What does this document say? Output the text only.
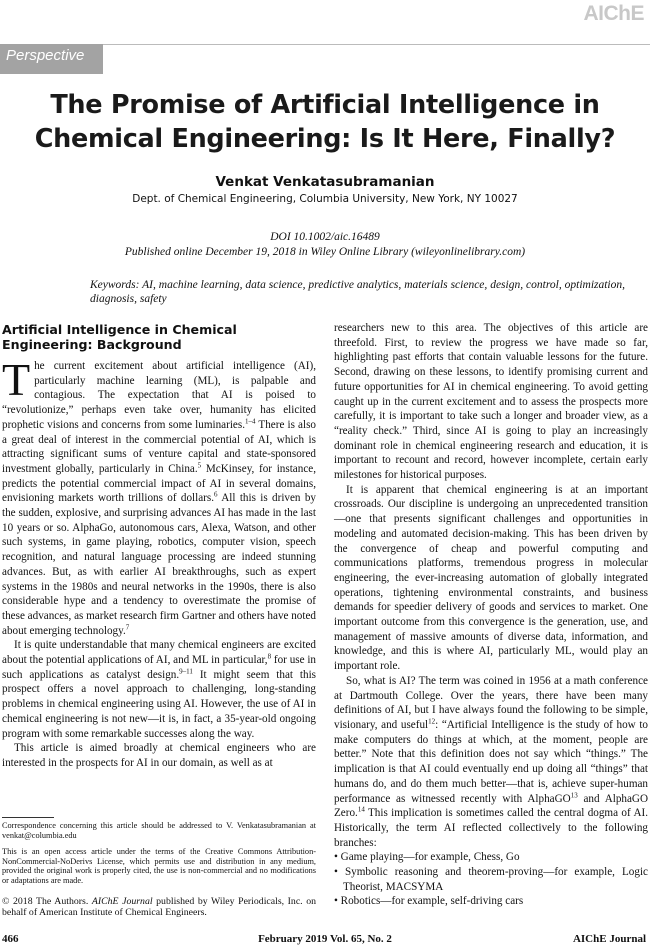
AIChE
Perspective
The Promise of Artificial Intelligence in
Chemical Engineering: Is It Here, Finally?
Venkat Venkatasubramanian
Dept. of Chemical Engineering, Columbia University, New York, NY 10027
DOI 10.1002/aic.16489
Published online December 19, 2018 in Wiley Online Library (wileyonlinelibrary.com)
Keywords: AI, machine learning, data science, predictive analytics, materials science, design, control, optimization, diagnosis, safety
Artificial Intelligence in Chemical Engineering: Background

The current excitement about artificial intelligence (AI), particularly machine learning (ML), is palpable and contagious. The expectation that AI is poised to “revolutionize,” perhaps even take over, humanity has elicited prophetic visions and concerns from some luminaries.$^{1-4}$ There is also a great deal of interest in the commercial potential of AI, which is attracting significant sums of venture capital and state-sponsored investment globally, particularly in China.$^5$ McKinsey, for instance, predicts the potential commercial impact of AI in several domains, envisioning markets worth trillions of dollars.$^6$ All this is driven by the sudden, explosive, and surprising advances AI has made in the last 10 years or so. AlphaGo, autonomous cars, Alexa, Watson, and other such systems, in game playing, robotics, computer vision, speech recognition, and natural language processing are indeed stunning advances. But, as with earlier AI breakthroughs, such as expert systems in the 1980s and neural networks in the 1990s, there is also considerable hype and a tendency to overestimate the promise of these advances, as market research firm Gartner and others have noted about emerging technology.$^7$

It is quite understandable that many chemical engineers are excited about the potential applications of AI, and ML in particular,$^8$ for use in such applications as catalyst design.$^{9-11}$ It might seem that this prospect offers a novel approach to challenging, long-standing problems in chemical engineering using AI. However, the use of AI in chemical engineering is not new—it is, in fact, a 35-year-old ongoing program with some remarkable successes along the way.

This article is aimed broadly at chemical engineers who are interested in the prospects for AI in our domain, as well as at

Correspondence concerning this article should be addressed to V. Venkatasubramanian at venkat@columbia.edu
This is an open access article under the terms of the Creative Commons Attribution-NonCommercial-NoDerivs License, which permits use and distribution in any medium, provided the original work is properly cited, the use is non-commercial and no modifications or adaptations are made.
© 2018 The Authors. AIChE Journal published by Wiley Periodicals, Inc. on behalf of American Institute of Chemical Engineers.

researchers new to this area. The objectives of this article are threefold. First, to review the progress we have made so far, highlighting past efforts that contain valuable lessons for the future. Second, drawing on these lessons, to identify promising current and future opportunities for AI in chemical engineering. To avoid getting caught up in the current excitement and to assess the prospects more carefully, it is important to take such a longer and broader view, as a “reality check.” Third, since AI is going to play an increasingly dominant role in chemical engineering research and education, it is important to recount and record, however incomplete, certain early milestones for historical purposes.

It is apparent that chemical engineering is at an important crossroads. Our discipline is undergoing an unprecedented transition—one that presents significant challenges and opportunities in modeling and automated decision-making. This has been driven by the convergence of cheap and powerful computing and communications platforms, tremendous progress in molecular engineering, the ever-increasing automation of globally integrated operations, tightening environmental constraints, and business demands for speedier delivery of goods and services to market. One important outcome from this convergence is the generation, use, and management of massive amounts of diverse data, information, and knowledge, and this is where AI, particularly ML, would play an important role.

So, what is AI? The term was coined in 1956 at a math conference at Dartmouth College. Over the years, there have been many definitions of AI, but I have always found the following to be simple, visionary, and useful$^{12}$: “Artificial Intelligence is the study of how to make computers do things at which, at the moment, people are better.” Note that this definition does not say which “things.” The implication is that AI could eventually end up doing all “things” that humans do, and do them much better—that is, achieve super-human performance as witnessed recently with AlphaGO$^{13}$ and AlphaGO Zero.$^{14}$ This implication is sometimes called the central dogma of AI. Historically, the term AI reflected collectively to the following branches:

• Game playing—for example, Chess, Go
• Symbolic reasoning and theorem-proving—for example, Logic Theorist, MACSYMA
• Robotics—for example, self-driving cars
466	February 2019 Vol. 65, No. 2	AIChE Journal
